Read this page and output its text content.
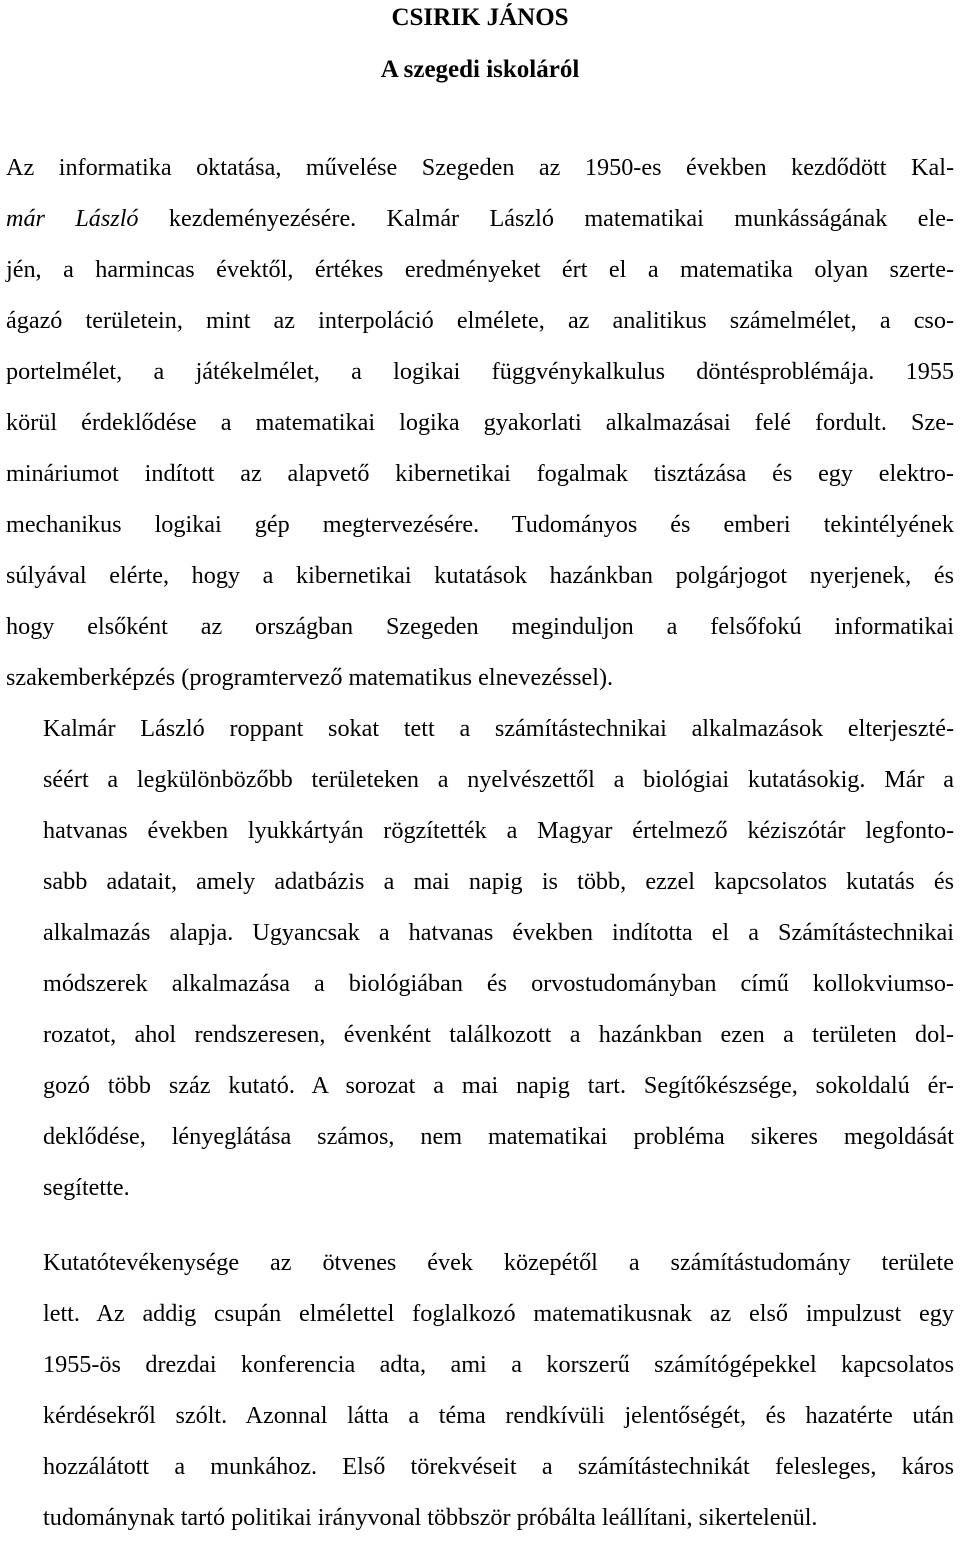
CSIRIK JÁNOS
A szegedi iskoláról
Az informatika oktatása, művelése Szegeden az 1950-es években kezdődött Kal-
már László kezdeményezésére. Kalmár László matematikai munkásságának ele-
jén, a harmincas évektől, értékes eredményeket ért el a matematika olyan szerte-
ágazó területein, mint az interpoláció elmélete, az analitikus számelmélet, a cso-
portelmélet, a játékelmélet, a logikai függvénykalkulus döntésproblémája. 1955
körül érdeklődése a matematikai logika gyakorlati alkalmazásai felé fordult. Sze-
mináriumot indított az alapvető kibernetikai fogalmak tisztázása és egy elektro-
mechanikus logikai gép megtervezésére. Tudományos és emberi tekintélyének
súlyával elérte, hogy a kibernetikai kutatások hazánkban polgárjogot nyerjenek, és
hogy elsőként az országban Szegeden meginduljon a felsőfokú informatikai
szakemberképzés (programtervező matematikus elnevezéssel).
Kalmár László roppant sokat tett a számítástechnikai alkalmazások elterjeszté-
séért a legkülönbözőbb területeken a nyelvészettől a biológiai kutatásokig. Már a
hatvanas években lyukkártyán rögzítették a Magyar értelmező kéziszótár legfonto-
sabb adatait, amely adatbázis a mai napig is több, ezzel kapcsolatos kutatás és
alkalmazás alapja. Ugyancsak a hatvanas években indította el a Számítástechnikai
módszerek alkalmazása a biológiában és orvostudományban című kollokviumso-
rozatot, ahol rendszeresen, évenként találkozott a hazánkban ezen a területen dol-
gozó több száz kutató. A sorozat a mai napig tart. Segítőkészsége, sokoldalú ér-
deklődése, lényeglátása számos, nem matematikai probléma sikeres megoldását
segítette.
Kutatótevékenysége az ötvenes évek közepétől a számítástudomány területe
lett. Az addig csupán elmélettel foglalkozó matematikusnak az első impulzust egy
1955-ös drezdai konferencia adta, ami a korszerű számítógépekkel kapcsolatos
kérdésekről szólt. Azonnal látta a téma rendkívüli jelentőségét, és hazatérte után
hozzálátott a munkához. Első törekvéseit a számítástechnikát felesleges, káros
tudománynak tartó politikai irányvonal többször próbálta leállítani, sikertelenül.
